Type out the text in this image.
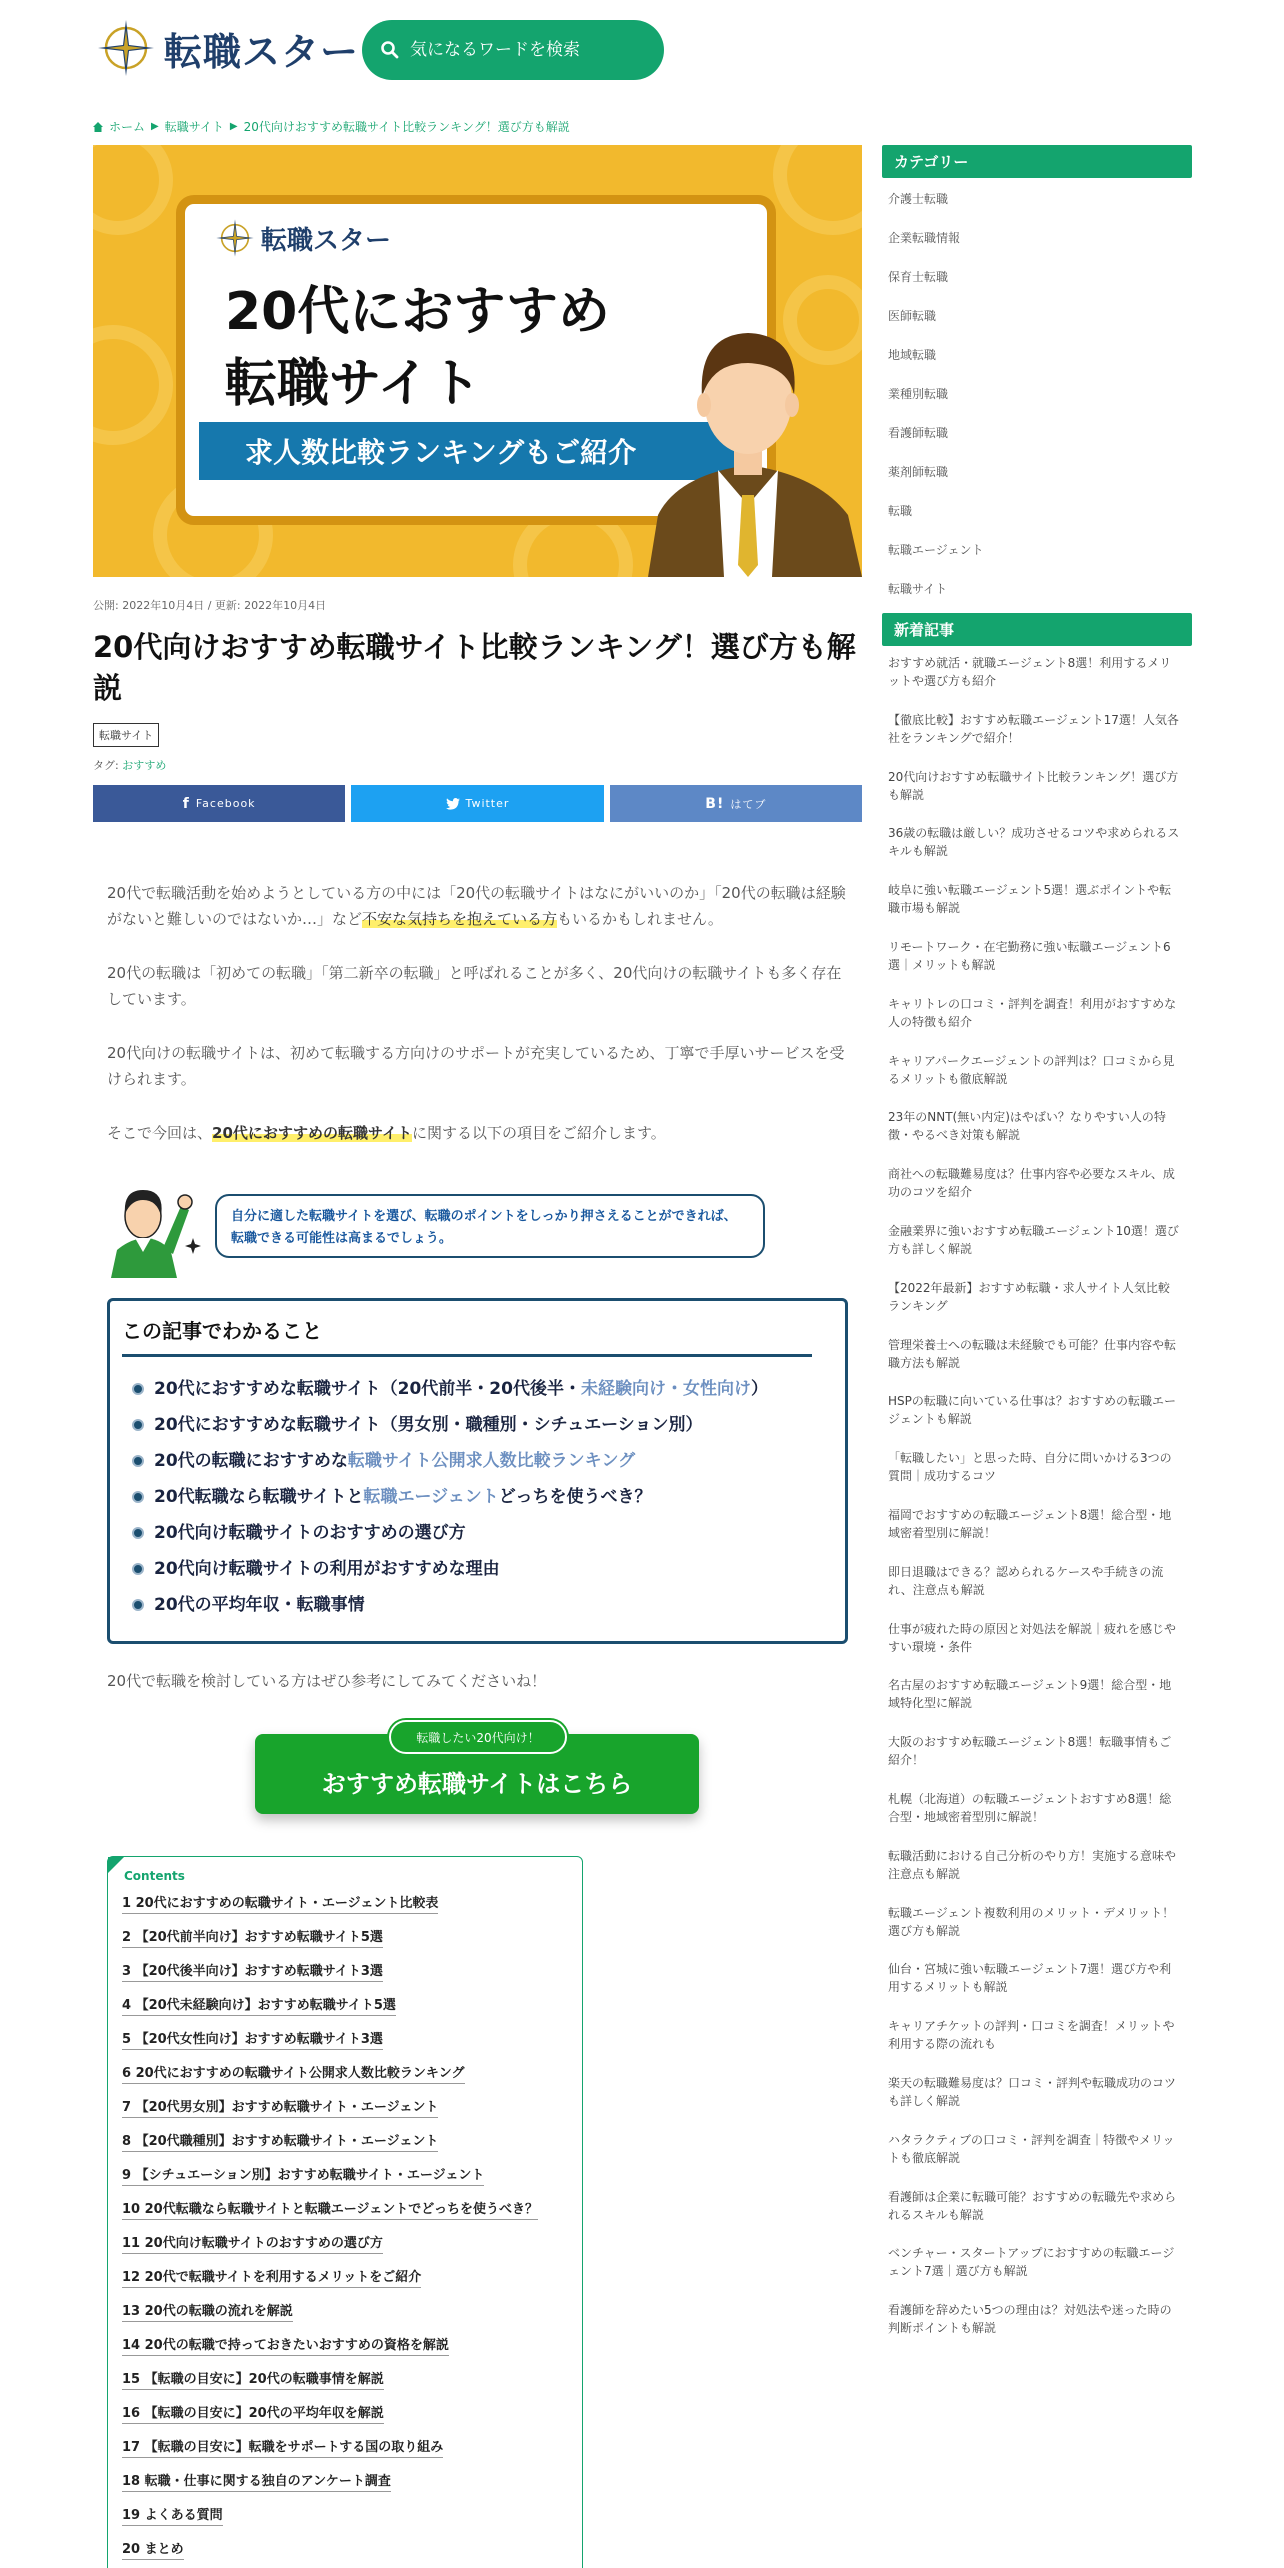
転職スター
気になるワードを検索
ホーム ▶ 転職サイト ▶ 20代向けおすすめ転職サイト比較ランキング！選び方も解説
転職スター
20代におすすめ
転職サイト
求人数比較ランキングもご紹介
公開: 2022年10月4日 / 更新: 2022年10月4日
20代向けおすすめ転職サイト比較ランキング！選び方も解説
転職サイト
タグ: おすすめ
f Facebook	Twitter	B! はてブ

20代で転職活動を始めようとしている方の中には「20代の転職サイトはなにがいいのか」「20代の転職は経験がないと難しいのではないか…」など不安な気持ちを抱えている方もいるかもしれません。

20代の転職は「初めての転職」「第二新卒の転職」と呼ばれることが多く、20代向けの転職サイトも多く存在しています。

20代向けの転職サイトは、初めて転職する方向けのサポートが充実しているため、丁寧で手厚いサービスを受けられます。

そこで今回は、20代におすすめの転職サイトに関する以下の項目をご紹介します。

自分に適した転職サイトを選び、転職のポイントをしっかり押さえることができれば、転職できる可能性は高まるでしょう。
この記事でわかること
20代におすすめな転職サイト（20代前半・20代後半・未経験向け・女性向け）
20代におすすめな転職サイト（男女別・職種別・シチュエーション別）
20代の転職におすすめな転職サイト公開求人数比較ランキング
20代転職なら転職サイトと転職エージェントどっちを使うべき？
20代向け転職サイトのおすすめの選び方
20代向け転職サイトの利用がおすすめな理由
20代の平均年収・転職事情

20代で転職を検討している方はぜひ参考にしてみてくださいね！

おすすめ転職サイトはこちら
転職したい20代向け！
Contents
1 20代におすすめの転職サイト・エージェント比較表
2 【20代前半向け】おすすめ転職サイト5選
3 【20代後半向け】おすすめ転職サイト3選
4 【20代未経験向け】おすすめ転職サイト5選
5 【20代女性向け】おすすめ転職サイト3選
6 20代におすすめの転職サイト公開求人数比較ランキング
7 【20代男女別】おすすめ転職サイト・エージェント
8 【20代職種別】おすすめ転職サイト・エージェント
9 【シチュエーション別】おすすめ転職サイト・エージェント
10 20代転職なら転職サイトと転職エージェントでどっちを使うべき？
11 20代向け転職サイトのおすすめの選び方
12 20代で転職サイトを利用するメリットをご紹介
13 20代の転職の流れを解説
14 20代の転職で持っておきたいおすすめの資格を解説
15 【転職の目安に】20代の転職事情を解説
16 【転職の目安に】20代の平均年収を解説
17 【転職の目安に】転職をサポートする国の取り組み
18 転職・仕事に関する独自のアンケート調査
19 よくある質問
20 まとめ
カテゴリー
介護士転職
企業転職情報
保育士転職
医師転職
地域転職
業種別転職
看護師転職
薬剤師転職
転職
転職エージェント
転職サイト
新着記事
おすすめ就活・就職エージェント8選！利用するメリットや選び方も紹介
【徹底比較】おすすめ転職エージェント17選！人気各社をランキングで紹介！
20代向けおすすめ転職サイト比較ランキング！選び方も解説
36歳の転職は厳しい？成功させるコツや求められるスキルも解説
岐阜に強い転職エージェント5選！選ぶポイントや転職市場も解説
リモートワーク・在宅勤務に強い転職エージェント6選｜メリットも解説
キャリトレの口コミ・評判を調査！利用がおすすめな人の特徴も紹介
キャリアパークエージェントの評判は？口コミから見るメリットも徹底解説
23年のNNT(無い内定)はやばい？なりやすい人の特徴・やるべき対策も解説
商社への転職難易度は？仕事内容や必要なスキル、成功のコツを紹介
金融業界に強いおすすめ転職エージェント10選！選び方も詳しく解説
【2022年最新】おすすめ転職・求人サイト人気比較ランキング
管理栄養士への転職は未経験でも可能？仕事内容や転職方法も解説
HSPの転職に向いている仕事は？おすすめの転職エージェントも解説
「転職したい」と思った時、自分に問いかける3つの質問｜成功するコツ
福岡でおすすめの転職エージェント8選！総合型・地域密着型別に解説！
即日退職はできる？認められるケースや手続きの流れ、注意点も解説
仕事が疲れた時の原因と対処法を解説｜疲れを感じやすい環境・条件
名古屋のおすすめ転職エージェント9選！総合型・地域特化型に解説
大阪のおすすめ転職エージェント8選！転職事情もご紹介！
札幌（北海道）の転職エージェントおすすめ8選！総合型・地域密着型別に解説！
転職活動における自己分析のやり方！実施する意味や注意点も解説
転職エージェント複数利用のメリット・デメリット！選び方も解説
仙台・宮城に強い転職エージェント7選！選び方や利用するメリットも解説
キャリアチケットの評判・口コミを調査！メリットや利用する際の流れも
楽天の転職難易度は？口コミ・評判や転職成功のコツも詳しく解説
ハタラクティブの口コミ・評判を調査｜特徴やメリットも徹底解説
看護師は企業に転職可能？おすすめの転職先や求められるスキルも解説
ベンチャー・スタートアップにおすすめの転職エージェント7選｜選び方も解説
看護師を辞めたい5つの理由は？対処法や迷った時の判断ポイントも解説
